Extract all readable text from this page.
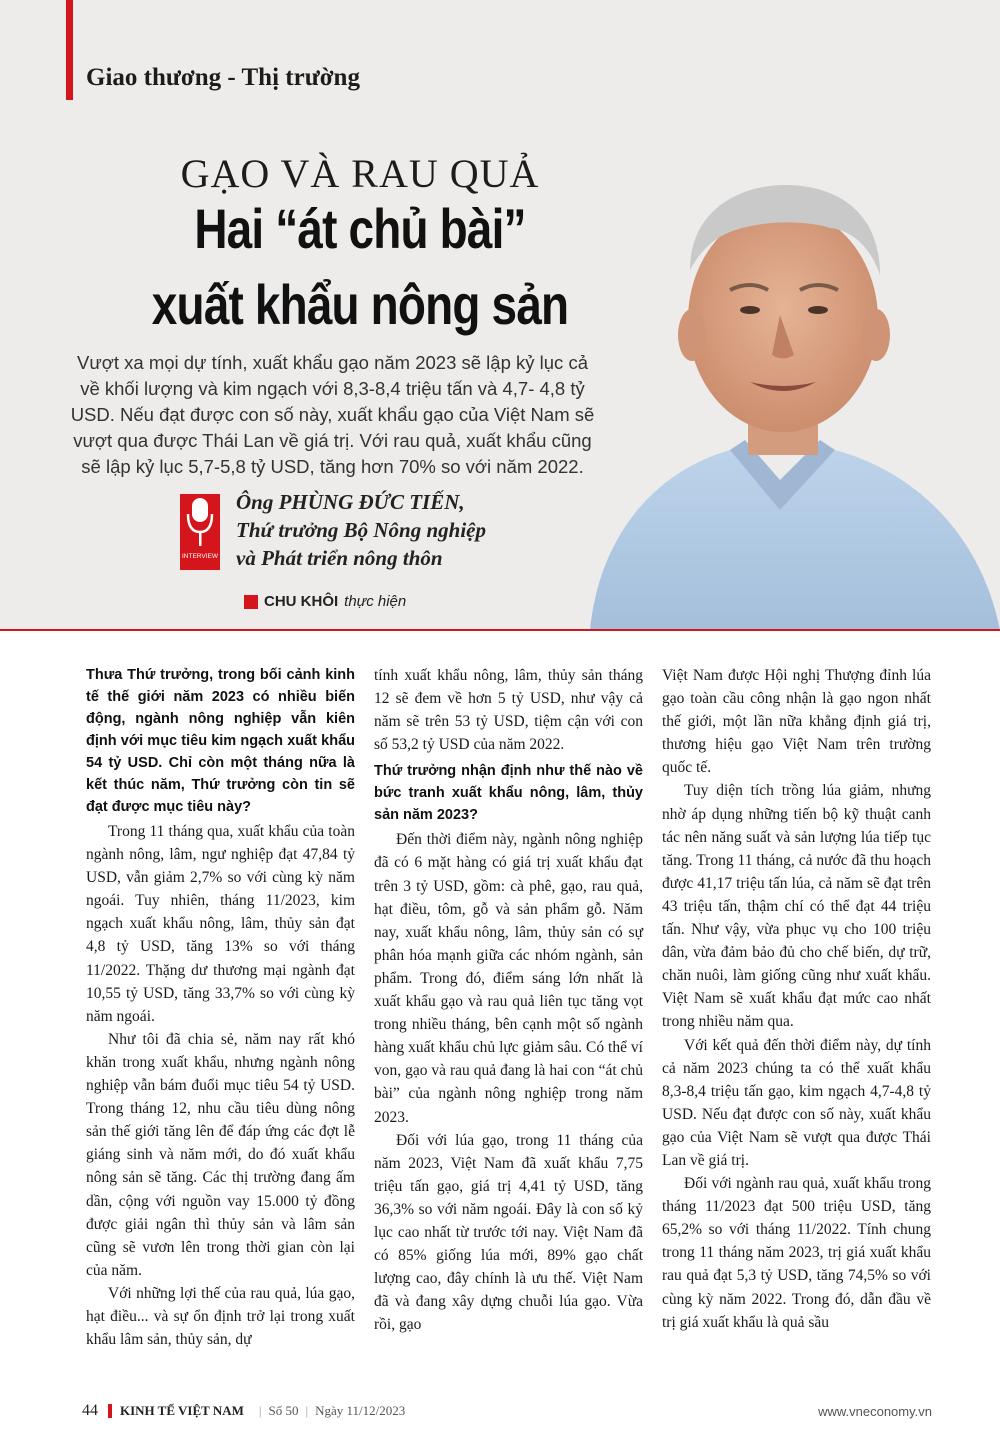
Giao thương - Thị trường
GẠO VÀ RAU QUẢ
Hai “át chủ bài”
xuất khẩu nông sản
Vượt xa mọi dự tính, xuất khẩu gạo năm 2023 sẽ lập kỷ lục cả về khối lượng và kim ngạch với 8,3-8,4 triệu tấn và 4,7- 4,8 tỷ USD. Nếu đạt được con số này, xuất khẩu gạo của Việt Nam sẽ vượt qua được Thái Lan về giá trị. Với rau quả, xuất khẩu cũng sẽ lập kỷ lục 5,7-5,8 tỷ USD, tăng hơn 70% so với năm 2022.
INTERVIEW
Ông PHÙNG ĐỨC TIẾN,
Thứ trưởng Bộ Nông nghiệp
và Phát triển nông thôn
CHU KHÔI thực hiện

Thưa Thứ trưởng, trong bối cảnh kinh tế thế giới năm 2023 có nhiều biến động, ngành nông nghiệp vẫn kiên định với mục tiêu kim ngạch xuất khẩu 54 tỷ USD. Chỉ còn một tháng nữa là kết thúc năm, Thứ trưởng còn tin sẽ đạt được mục tiêu này?

Trong 11 tháng qua, xuất khẩu của toàn ngành nông, lâm, ngư nghiệp đạt 47,84 tỷ USD, vẫn giảm 2,7% so với cùng kỳ năm ngoái. Tuy nhiên, tháng 11/2023, kim ngạch xuất khẩu nông, lâm, thủy sản đạt 4,8 tỷ USD, tăng 13% so với tháng 11/2022. Thặng dư thương mại ngành đạt 10,55 tỷ USD, tăng 33,7% so với cùng kỳ năm ngoái.

Như tôi đã chia sẻ, năm nay rất khó khăn trong xuất khẩu, nhưng ngành nông nghiệp vẫn bám đuổi mục tiêu 54 tỷ USD. Trong tháng 12, nhu cầu tiêu dùng nông sản thế giới tăng lên để đáp ứng các đợt lễ giáng sinh và năm mới, do đó xuất khẩu nông sản sẽ tăng. Các thị trường đang ấm dần, cộng với nguồn vay 15.000 tỷ đồng được giải ngân thì thủy sản và lâm sản cũng sẽ vươn lên trong thời gian còn lại của năm.

Với những lợi thế của rau quả, lúa gạo, hạt điều... và sự ổn định trở lại trong xuất khẩu lâm sản, thủy sản, dự

tính xuất khẩu nông, lâm, thủy sản tháng 12 sẽ đem về hơn 5 tỷ USD, như vậy cả năm sẽ trên 53 tỷ USD, tiệm cận với con số 53,2 tỷ USD của năm 2022.

Thứ trưởng nhận định như thế nào về bức tranh xuất khẩu nông, lâm, thủy sản năm 2023?

Đến thời điểm này, ngành nông nghiệp đã có 6 mặt hàng có giá trị xuất khẩu đạt trên 3 tỷ USD, gồm: cà phê, gạo, rau quả, hạt điều, tôm, gỗ và sản phẩm gỗ. Năm nay, xuất khẩu nông, lâm, thủy sản có sự phân hóa mạnh giữa các nhóm ngành, sản phẩm. Trong đó, điểm sáng lớn nhất là xuất khẩu gạo và rau quả liên tục tăng vọt trong nhiều tháng, bên cạnh một số ngành hàng xuất khẩu chủ lực giảm sâu. Có thể ví von, gạo và rau quả đang là hai con “át chủ bài” của ngành nông nghiệp trong năm 2023.

Đối với lúa gạo, trong 11 tháng của năm 2023, Việt Nam đã xuất khẩu 7,75 triệu tấn gạo, giá trị 4,41 tỷ USD, tăng 36,3% so với năm ngoái. Đây là con số kỷ lục cao nhất từ trước tới nay. Việt Nam đã có 85% giống lúa mới, 89% gạo chất lượng cao, đây chính là ưu thế. Việt Nam đã và đang xây dựng chuỗi lúa gạo. Vừa rồi, gạo

Việt Nam được Hội nghị Thượng đỉnh lúa gạo toàn cầu công nhận là gạo ngon nhất thế giới, một lần nữa khẳng định giá trị, thương hiệu gạo Việt Nam trên trường quốc tế.

Tuy diện tích trồng lúa giảm, nhưng nhờ áp dụng những tiến bộ kỹ thuật canh tác nên năng suất và sản lượng lúa tiếp tục tăng. Trong 11 tháng, cả nước đã thu hoạch được 41,17 triệu tấn lúa, cả năm sẽ đạt trên 43 triệu tấn, thậm chí có thể đạt 44 triệu tấn. Như vậy, vừa phục vụ cho 100 triệu dân, vừa đảm bảo đủ cho chế biến, dự trữ, chăn nuôi, làm giống cũng như xuất khẩu. Việt Nam sẽ xuất khẩu đạt mức cao nhất trong nhiều năm qua.

Với kết quả đến thời điểm này, dự tính cả năm 2023 chúng ta có thể xuất khẩu 8,3-8,4 triệu tấn gạo, kim ngạch 4,7-4,8 tỷ USD. Nếu đạt được con số này, xuất khẩu gạo của Việt Nam sẽ vượt qua được Thái Lan về giá trị.

Đối với ngành rau quả, xuất khẩu trong tháng 11/2023 đạt 500 triệu USD, tăng 65,2% so với tháng 11/2022. Tính chung trong 11 tháng năm 2023, trị giá xuất khẩu rau quả đạt 5,3 tỷ USD, tăng 74,5% so với cùng kỳ năm 2022. Trong đó, dẫn đầu về trị giá xuất khẩu là quả sầu

44 KINH TẾ VIỆT NAM | Số 50 | Ngày 11/12/2023	www.vneconomy.vn
